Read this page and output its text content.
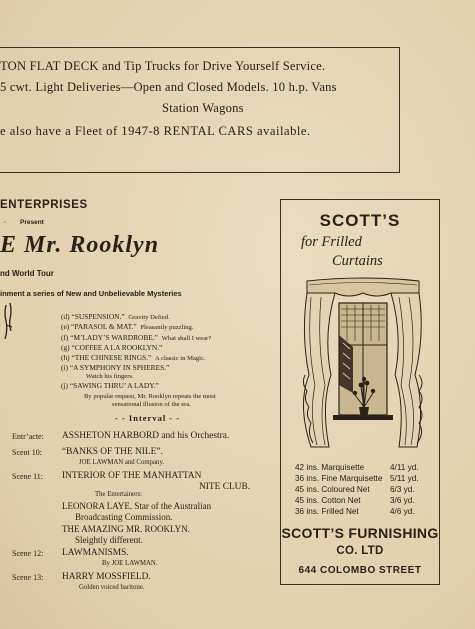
TON FLAT DECK and Tip Trucks for Drive Yourself Service.
5 cwt. Light Deliveries—Open and Closed Models. 10 h.p. Vans
Station Wagons
e also have a Fleet of 1947-8 RENTAL CARS available.
ENTERPRISES
· Present
E Mr. Rooklyn
nd World Tour
inment a series of New and Unbelievable Mysteries
(d) “SUSPENSION.” Gravity Defied.
(e) “PARASOL & MAT.” Pleasantly puzzling.
(f) “M’LADY’S WARDROBE.” What shall I wear?
(g) “COFFEE A LA ROOKLYN.”
(h) “THE CHINESE RINGS.” A classic in Magic.
(i) “A SYMPHONY IN SPHERES.”
Watch his fingers.
(j) “SAWING THRU’ A LADY.”
By popular request, Mr. Rooklyn repeats the most
sensational illusion of the era.
- - Interval - -
Entr’acte: ASSHETON HARBORD and his Orchestra.
Scent 10: “BANKS OF THE NILE”.
JOE LAWMAN and Company.
Scene 11: INTERIOR OF THE MANHATTAN
NITE CLUB.
The Entertainers:
LEONORA LAYE. Star of the Australian
Broadcasting Commission.
THE AMAZING MR. ROOKLYN.
Sleightly different.
Scene 12: LAWMANISMS.
By JOE LAWMAN.
Scene 13: HARRY MOSSFIELD.
Golden voiced baritone.
SCOTT’S
for Frilled
Curtains
42 ins. Marquisette	4/11 yd.
36 ins. Fine Marquisette 5/11 yd.
45 ins. Coloured Net 6/3 yd.
45 ins. Cotton Net	3/6 yd.
36 ins. Frilled Net	4/6 yd.
SCOTT’S FURNISHING
CO. LTD
644 COLOMBO STREET
